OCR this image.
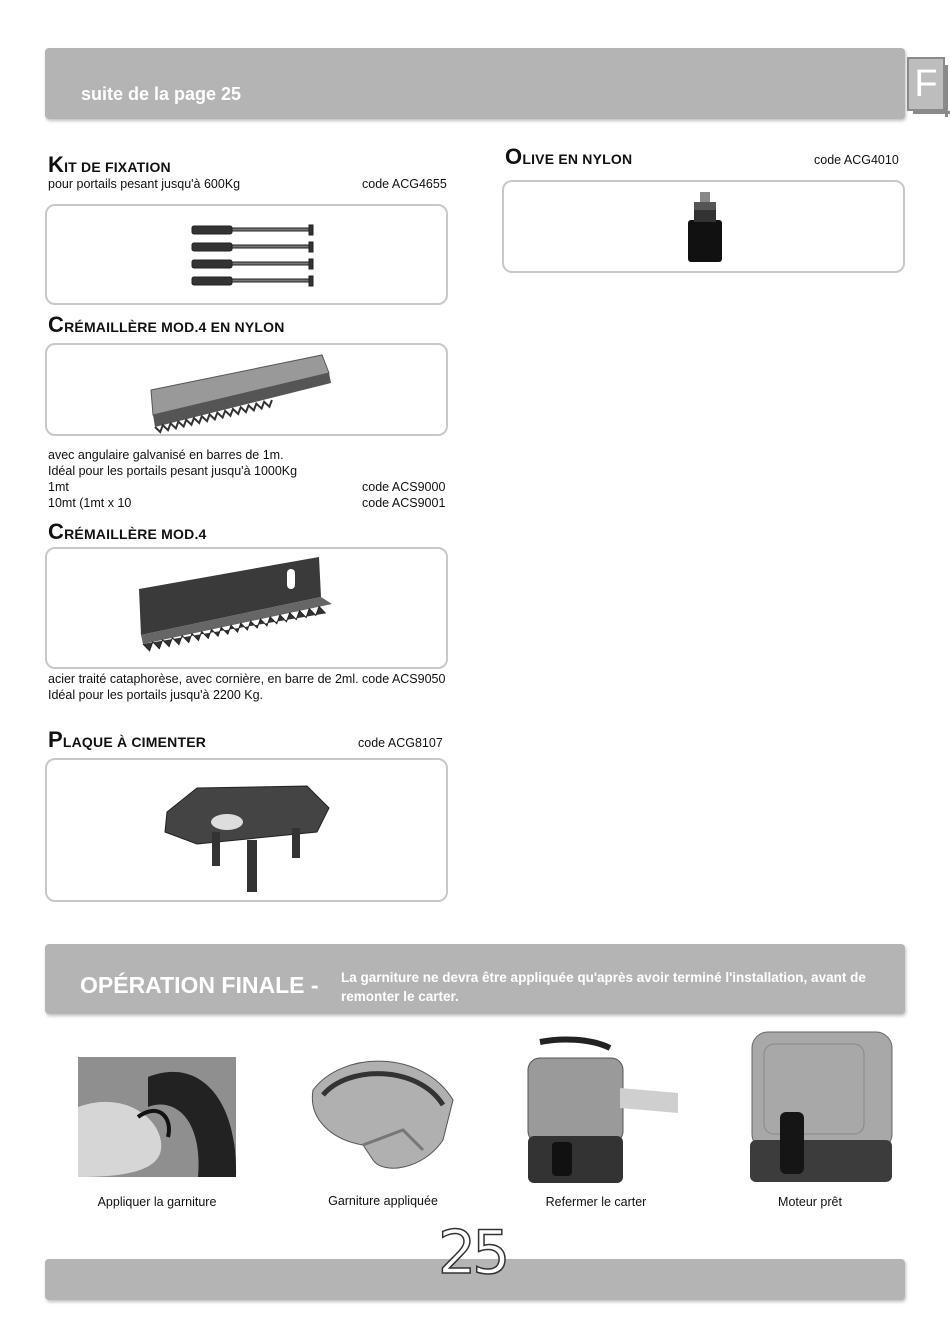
suite de la page 25	F
KIT DE FIXATION
pour portails pesant jusqu'à 600Kg	code ACG4655
OLIVE EN NYLON	code ACG4010
CRÉMAILLÈRE MOD.4 EN NYLON
avec angulaire galvanisé en barres de 1m.
Idéal pour les portails pesant jusqu'à 1000Kg
1mt	code ACS9000
10mt (1mt x 10	code ACS9001
CRÉMAILLÈRE MOD.4
acier traité cataphorèse, avec cornière, en barre de 2ml. code ACS9050
Idéal pour les portails jusqu'à 2200 Kg.
PLAQUE À CIMENTER	code ACG8107
OPÉRATION FINALE - La garniture ne devra être appliquée qu'après avoir terminé l'installation, avant de remonter le carter.
Appliquer la garniture	Garniture appliquée	Refermer le carter	Moteur prêt
25
